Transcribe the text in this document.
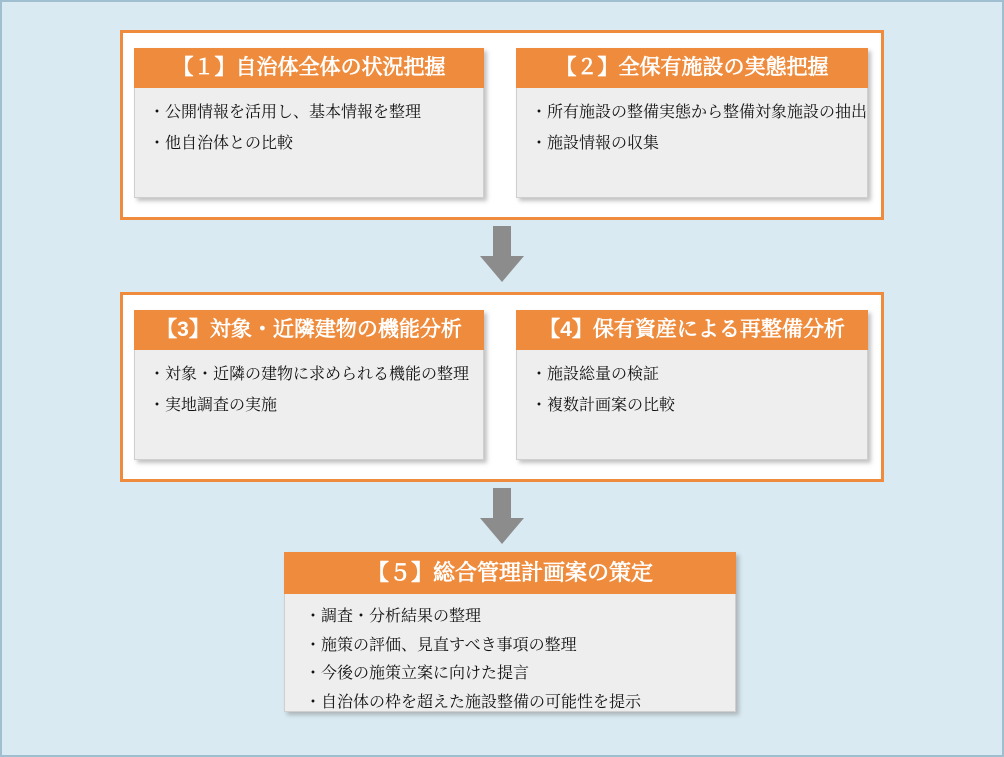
【１】自治体全体の状況把握
・公開情報を活用し、基本情報を整理
・他自治体との比較
【２】全保有施設の実態把握
・所有施設の整備実態から整備対象施設の抽出
・施設情報の収集
【3】対象・近隣建物の機能分析
・対象・近隣の建物に求められる機能の整理
・実地調査の実施
【4】保有資産による再整備分析
・施設総量の検証
・複数計画案の比較
【５】総合管理計画案の策定
・調査・分析結果の整理
・施策の評価、見直すべき事項の整理
・今後の施策立案に向けた提言
・自治体の枠を超えた施設整備の可能性を提示
